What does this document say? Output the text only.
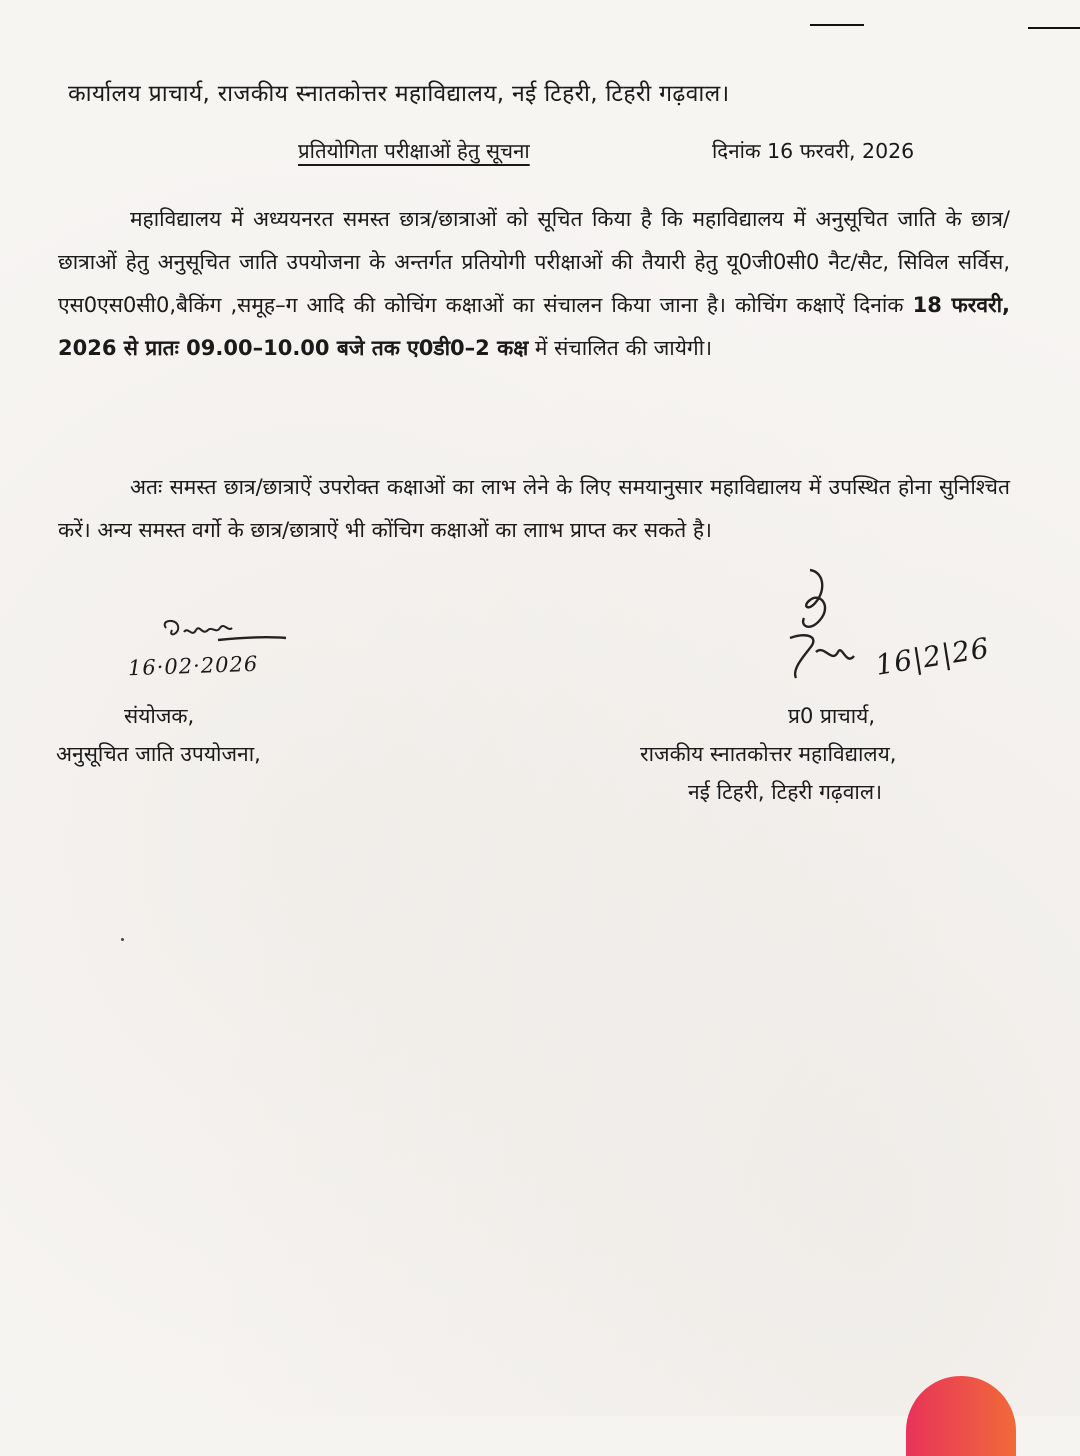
कार्यालय प्राचार्य, राजकीय स्नातकोत्तर महाविद्यालय, नई टिहरी, टिहरी गढ़वाल।
प्रतियोगिता परीक्षाओं हेतु सूचना	दिनांक 16 फरवरी, 2026
महाविद्यालय में अध्ययनरत समस्त छात्र/छात्राओं को सूचित किया है कि महाविद्यालय में अनुसूचित जाति के छात्र/छात्राओं हेतु अनुसूचित जाति उपयोजना के अन्तर्गत प्रतियोगी परीक्षाओं की तैयारी हेतु यू0जी0सी0 नैट/सैट, सिविल सर्विस, एस0एस0सी0,बैकिंग ,समूह–ग आदि की कोचिंग कक्षाओं का संचालन किया जाना है। कोचिंग कक्षाऐं दिनांक 18 फरवरी, 2026 से प्रातः 09.00–10.00 बजे तक ए0डी0–2 कक्ष में संचालित की जायेगी।
अतः समस्त छात्र/छात्राऐं उपरोक्त कक्षाओं का लाभ लेने के लिए समयानुसार महाविद्यालय में उपस्थित होना सुनिश्चित करें। अन्य समस्त वर्गो के छात्र/छात्राऐं भी कोंचिग कक्षाओं का लााभ प्राप्त कर सकते है।
16·02·2026
संयोजक,
अनुसूचित जाति उपयोजना,
16|2|26
प्र0 प्राचार्य,
राजकीय स्नातकोत्तर महाविद्यालय,
नई टिहरी, टिहरी गढ़वाल।
